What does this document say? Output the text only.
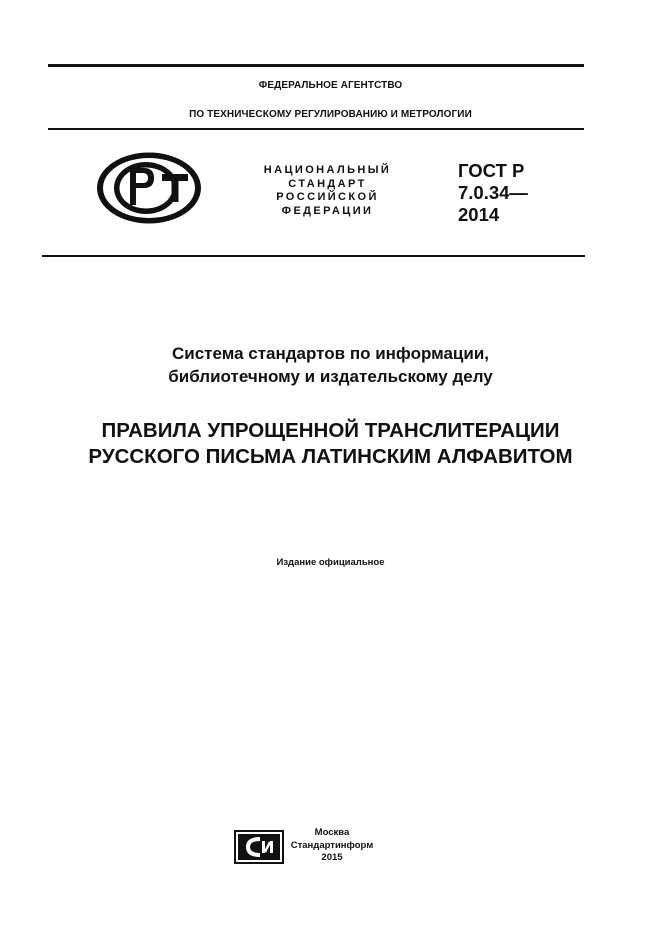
ФЕДЕРАЛЬНОЕ АГЕНТСТВО
ПО ТЕХНИЧЕСКОМУ РЕГУЛИРОВАНИЮ И МЕТРОЛОГИИ
НАЦИОНАЛЬНЫЙ
СТАНДАРТ
РОССИЙСКОЙ
ФЕДЕРАЦИИ
ГОСТ Р
7.0.34—
2014
Система стандартов по информации,
библиотечному и издательскому делу
ПРАВИЛА УПРОЩЕННОЙ ТРАНСЛИТЕРАЦИИ
РУССКОГО ПИСЬМА ЛАТИНСКИМ АЛФАВИТОМ
Издание официальное
Москва
Стандартинформ
2015
